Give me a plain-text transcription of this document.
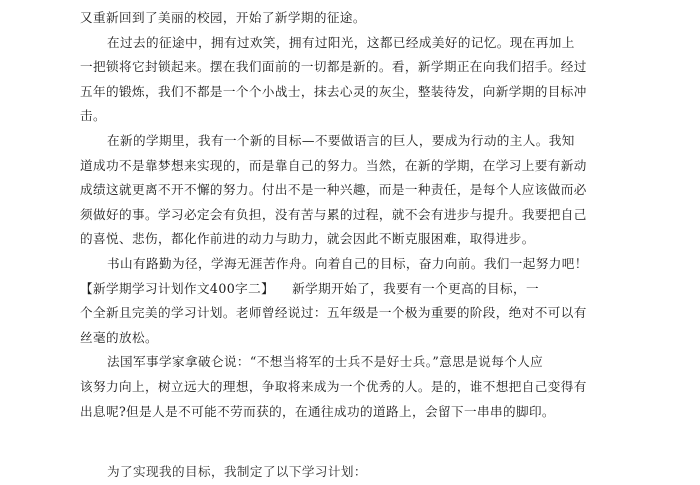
又重新回到了美丽的校园，开始了新学期的征途。
在过去的征途中，拥有过欢笑，拥有过阳光，这都已经成美好的记忆。现在再加上
一把锁将它封锁起来。摆在我们面前的一切都是新的。看，新学期正在向我们招手。经过
五年的锻炼，我们不都是一个个小战士，抹去心灵的灰尘，整装待发，向新学期的目标冲
击。
在新的学期里，我有一个新的目标—不要做语言的巨人，要成为行动的主人。我知
道成功不是靠梦想来实现的，而是靠自己的努力。当然，在新的学期，在学习上要有新动
成绩这就更离不开不懈的努力。付出不是一种兴趣，而是一种责任，是每个人应该做而必
须做好的事。学习必定会有负担，没有苦与累的过程，就不会有进步与提升。我要把自己
的喜悦、悲伤，都化作前进的动力与助力，就会因此不断克服困难，取得进步。
书山有路勤为径，学海无涯苦作舟。向着自己的目标，奋力向前。我们一起努力吧！
【新学期学习计划作文400字二】 新学期开始了，我要有一个更高的目标，一
个全新且完美的学习计划。老师曾经说过：五年级是一个极为重要的阶段，绝对不可以有
丝毫的放松。
法国军事学家拿破仑说：“不想当将军的士兵不是好士兵。”意思是说每个人应
该努力向上，树立远大的理想，争取将来成为一个优秀的人。是的，谁不想把自己变得有
出息呢?但是人是不可能不劳而获的，在通往成功的道路上，会留下一串串的脚印。
为了实现我的目标，我制定了以下学习计划：
